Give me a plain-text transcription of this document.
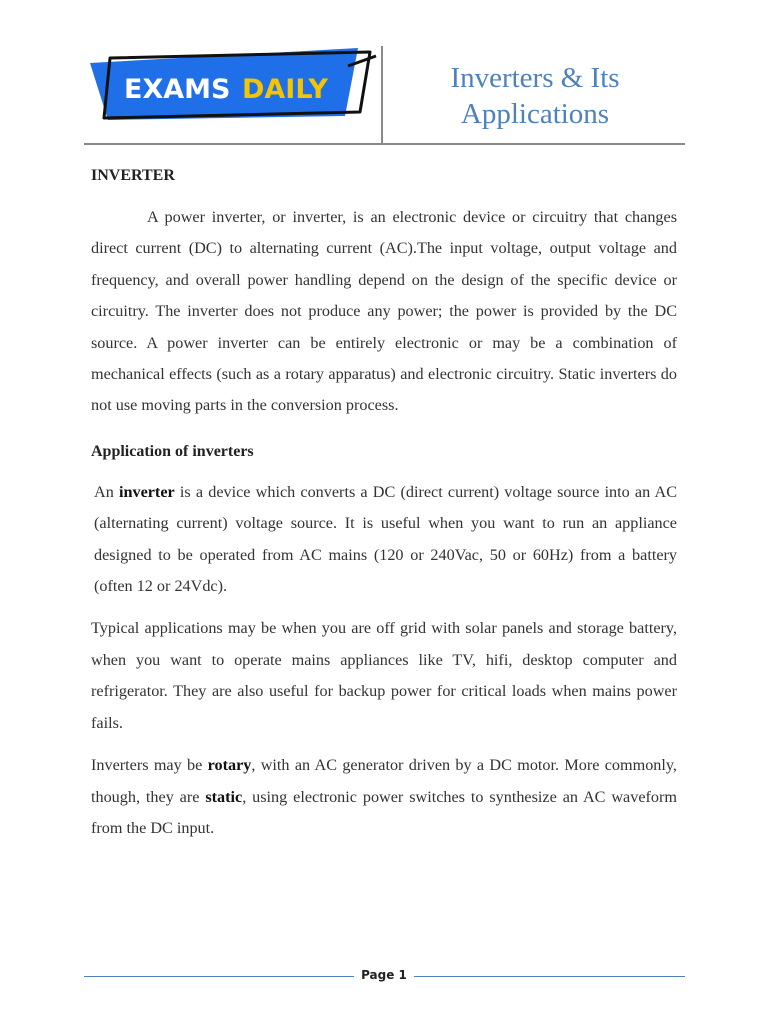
EXAMS DAILY	Inverters & Its
Applications

INVERTER

A power inverter, or inverter, is an electronic device or circuitry that changes direct current (DC) to alternating current (AC).The input voltage, output voltage and frequency, and overall power handling depend on the design of the specific device or circuitry. The inverter does not produce any power; the power is provided by the DC source. A power inverter can be entirely electronic or may be a combination of mechanical effects (such as a rotary apparatus) and electronic circuitry. Static inverters do not use moving parts in the conversion process.

Application of inverters

An inverter is a device which converts a DC (direct current) voltage source into an AC (alternating current) voltage source. It is useful when you want to run an appliance designed to be operated from AC mains (120 or 240Vac, 50 or 60Hz) from a battery (often 12 or 24Vdc).

Typical applications may be when you are off grid with solar panels and storage battery, when you want to operate mains appliances like TV, hifi, desktop computer and refrigerator. They are also useful for backup power for critical loads when mains power fails.

Inverters may be rotary, with an AC generator driven by a DC motor. More commonly, though, they are static, using electronic power switches to synthesize an AC waveform from the DC input.

Page 1
